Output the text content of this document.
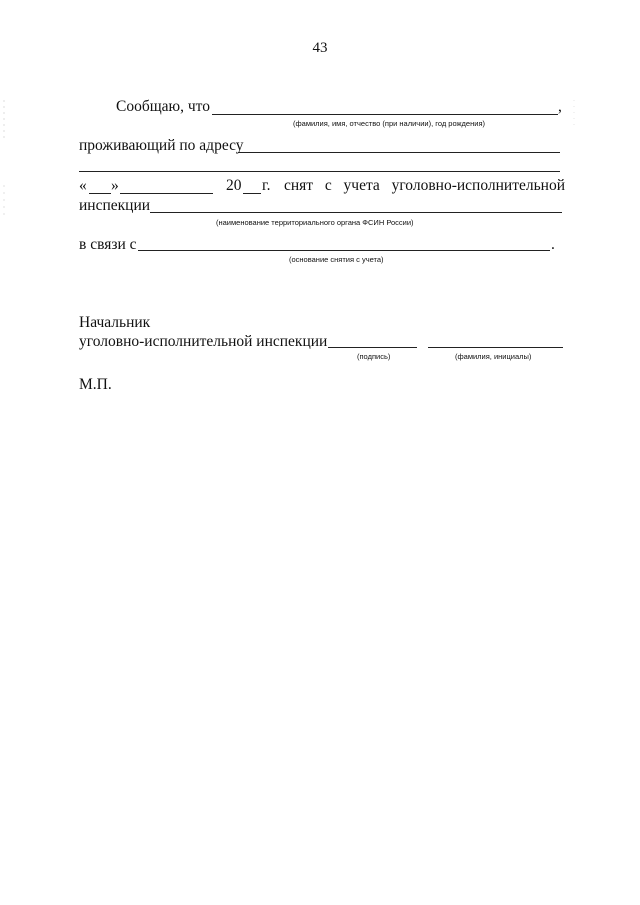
43
Сообщаю, что	,
(фамилия, имя, отчество (при наличии), год рождения)
проживающий по адресу
« »	20 г. снят с учета уголовно-исполнительной
инспекции
(наименование территориального органа ФСИН России)
в связи с	.
(основание снятия с учета)
Начальник
уголовно-исполнительной инспекции
(подпись)	(фамилия, инициалы)
М.П.
